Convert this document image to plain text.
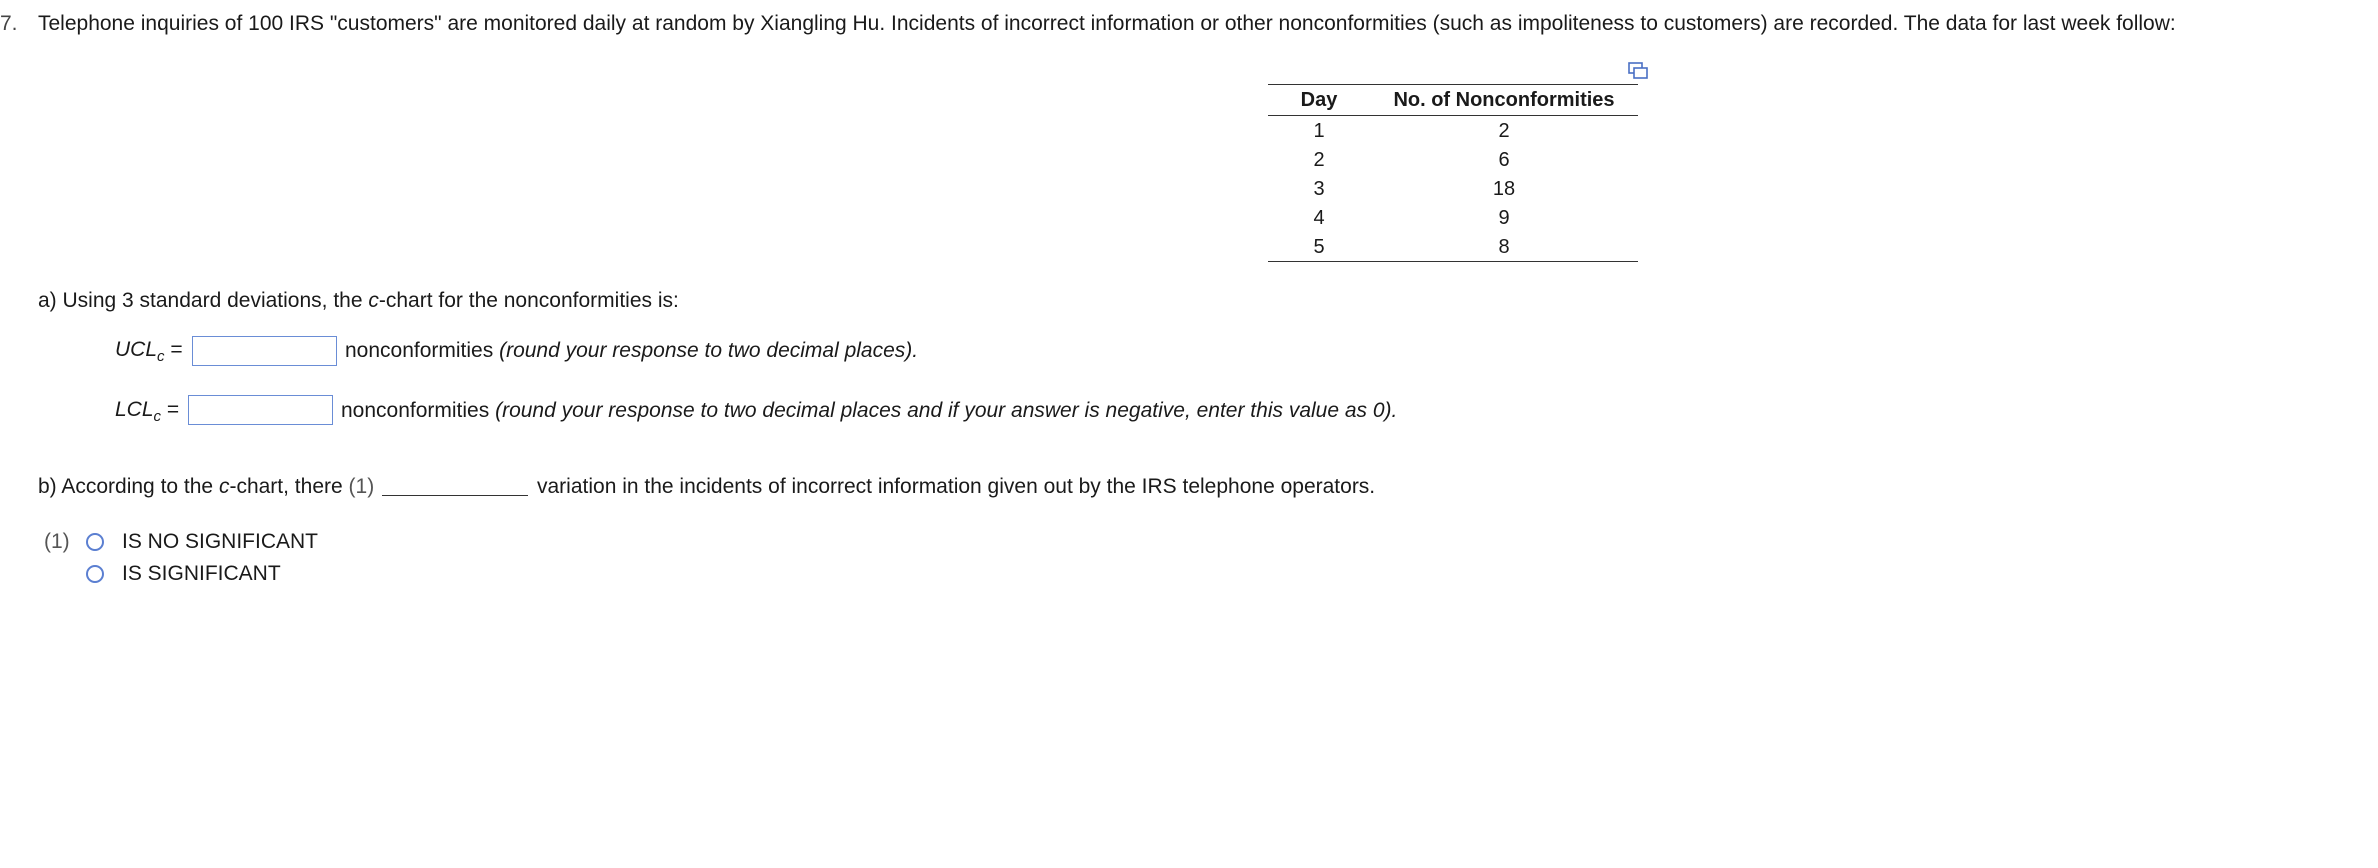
7. Telephone inquiries of 100 IRS "customers" are monitored daily at random by Xiangling Hu. Incidents of incorrect information or other nonconformities (such as impoliteness to customers) are recorded. The data for last week follow:
Day	No. of Nonconformities
1	2
2	6
3	18
4	9
5	8
a) Using 3 standard deviations, the c-chart for the nonconformities is:
$UCL_c$ =	nonconformities (round your response to two decimal places).
$LCL_c$ =	nonconformities (round your response to two decimal places and if your answer is negative, enter this value as 0).
b) According to the c-chart, there (1)	variation in the incidents of incorrect information given out by the IRS telephone operators.
(1) IS NO SIGNIFICANT
IS SIGNIFICANT
